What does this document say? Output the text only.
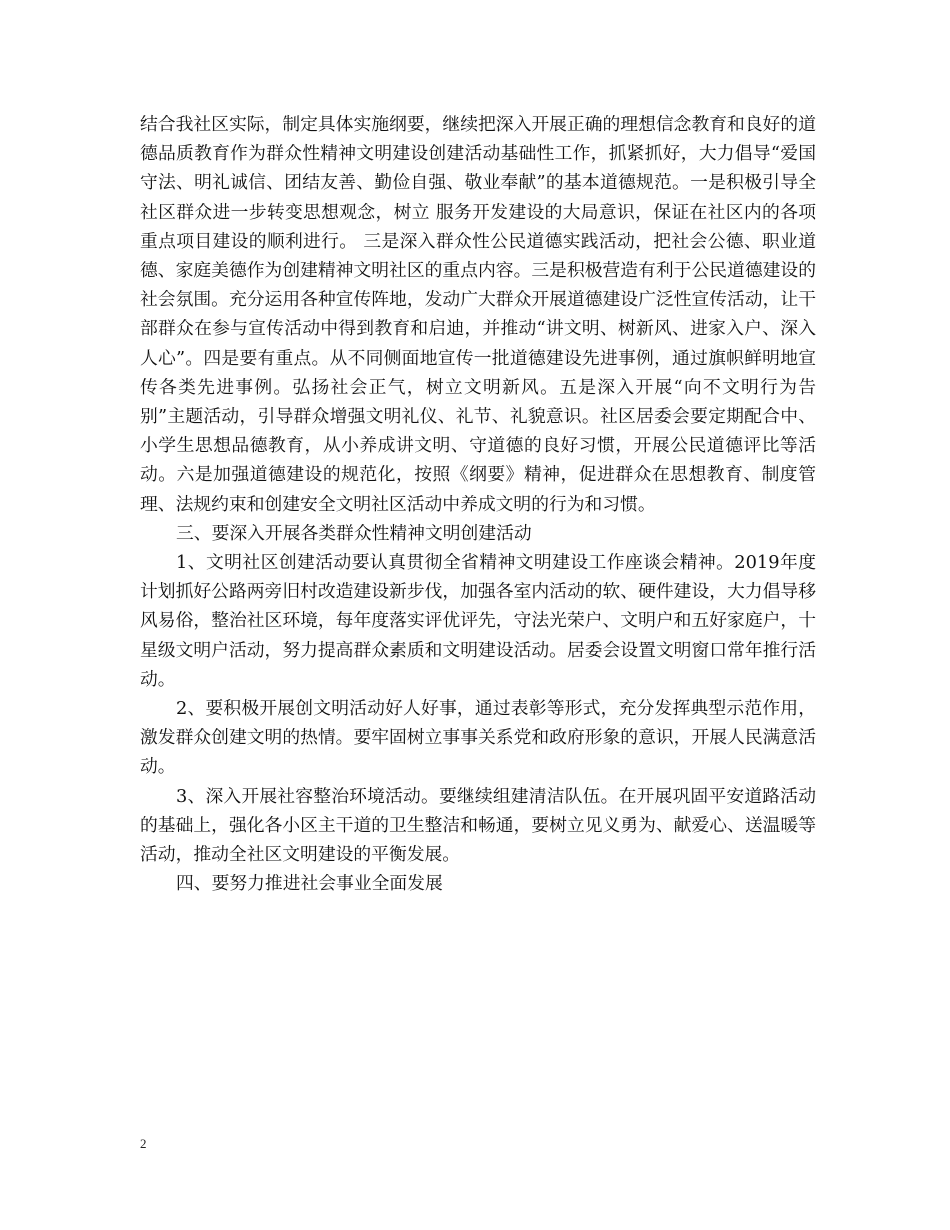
结合我社区实际，制定具体实施纲要，继续把深入开展正确的理想信念教育和良好的道德品质教育作为群众性精神文明建设创建活动基础性工作，抓紧抓好，大力倡导“爱国守法、明礼诚信、团结友善、勤俭自强、敬业奉献”的基本道德规范。一是积极引导全社区群众进一步转变思想观念，树立 服务开发建设的大局意识，保证在社区内的各项重点项目建设的顺利进行。 三是深入群众性公民道德实践活动，把社会公德、职业道德、家庭美德作为创建精神文明社区的重点内容。三是积极营造有利于公民道德建设的社会氛围。充分运用各种宣传阵地，发动广大群众开展道德建设广泛性宣传活动，让干部群众在参与宣传活动中得到教育和启迪，并推动“讲文明、树新风、进家入户、深入人心”。四是要有重点。从不同侧面地宣传一批道德建设先进事例，通过旗帜鲜明地宣传各类先进事例。弘扬社会正气，树立文明新风。五是深入开展“向不文明行为告别”主题活动，引导群众增强文明礼仪、礼节、礼貌意识。社区居委会要定期配合中、小学生思想品德教育，从小养成讲文明、守道德的良好习惯，开展公民道德评比等活动。六是加强道德建设的规范化，按照《纲要》精神，促进群众在思想教育、制度管理、法规约束和创建安全文明社区活动中养成文明的行为和习惯。

三、要深入开展各类群众性精神文明创建活动

1、文明社区创建活动要认真贯彻全省精神文明建设工作座谈会精神。2019年度计划抓好公路两旁旧村改造建设新步伐，加强各室内活动的软、硬件建设，大力倡导移风易俗，整治社区环境，每年度落实评优评先，守法光荣户、文明户和五好家庭户，十星级文明户活动，努力提高群众素质和文明建设活动。居委会设置文明窗口常年推行活动。

2、要积极开展创文明活动好人好事，通过表彰等形式，充分发挥典型示范作用，激发群众创建文明的热情。要牢固树立事事关系党和政府形象的意识，开展人民满意活动。

3、深入开展社容整治环境活动。要继续组建清洁队伍。在开展巩固平安道路活动的基础上，强化各小区主干道的卫生整洁和畅通，要树立见义勇为、献爱心、送温暖等活动，推动全社区文明建设的平衡发展。

四、要努力推进社会事业全面发展

2
